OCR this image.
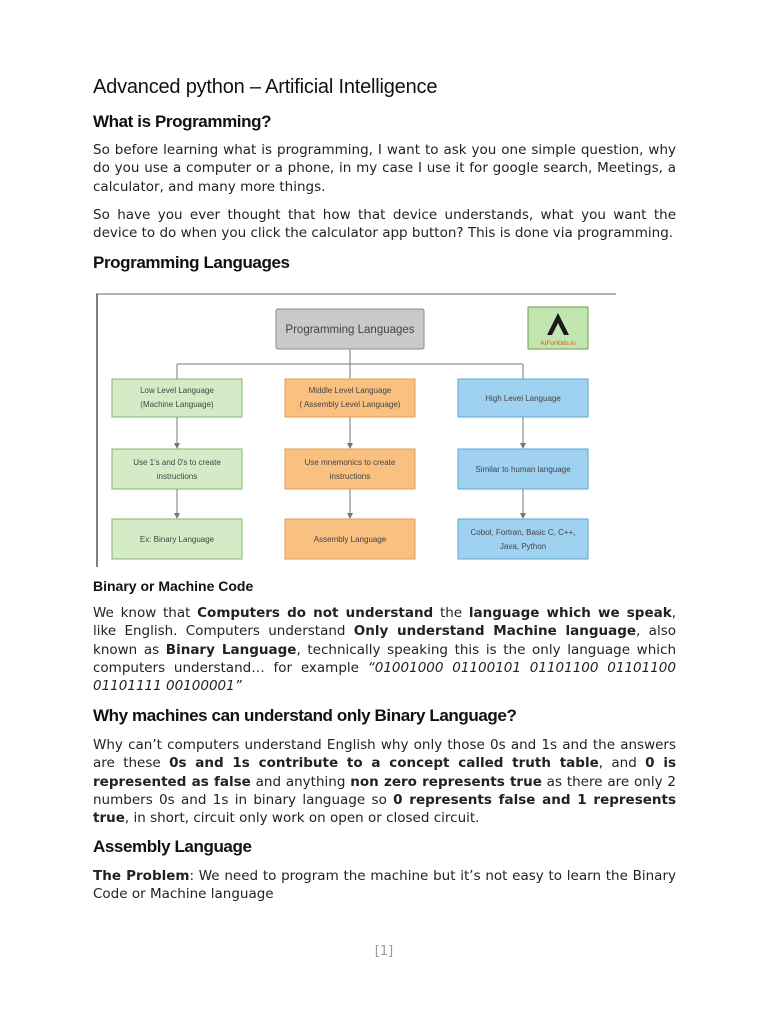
Advanced python – Artificial Intelligence
What is Programming?

So before learning what is programming, I want to ask you one simple question, why do you use a computer or a phone, in my case I use it for google search, Meetings, a calculator, and many more things.

So have you ever thought that how that device understands, what you want the device to do when you click the calculator app button? This is done via programming.

Programming Languages
Programming Languages
AIForKids.in
Low Level Language
(Machine Language)
Middle Level Language
( Assembly Level Language)
High Level Language
Use 1's and 0's to create
instructions
Use mnemonics to create
instructions
Similar to human language
Ex: Binary Language	Assembly Language
Cobol, Fortran, Basic C, C++,
Java, Python
Binary or Machine Code

We know that Computers do not understand the language which we speak, like English. Computers understand Only understand Machine language, also known as Binary Language, technically speaking this is the only language which computers understand… for example “01001000 01100101 01101100 01101100 01101111 00100001”

Why machines can understand only Binary Language?

Why can’t computers understand English why only those 0s and 1s and the answers are these 0s and 1s contribute to a concept called truth table, and 0 is represented as false and anything non zero represents true as there are only 2 numbers 0s and 1s in binary language so 0 represents false and 1 represents true, in short, circuit only work on open or closed circuit.

Assembly Language

The Problem: We need to program the machine but it’s not easy to learn the Binary Code or Machine language

[1]
